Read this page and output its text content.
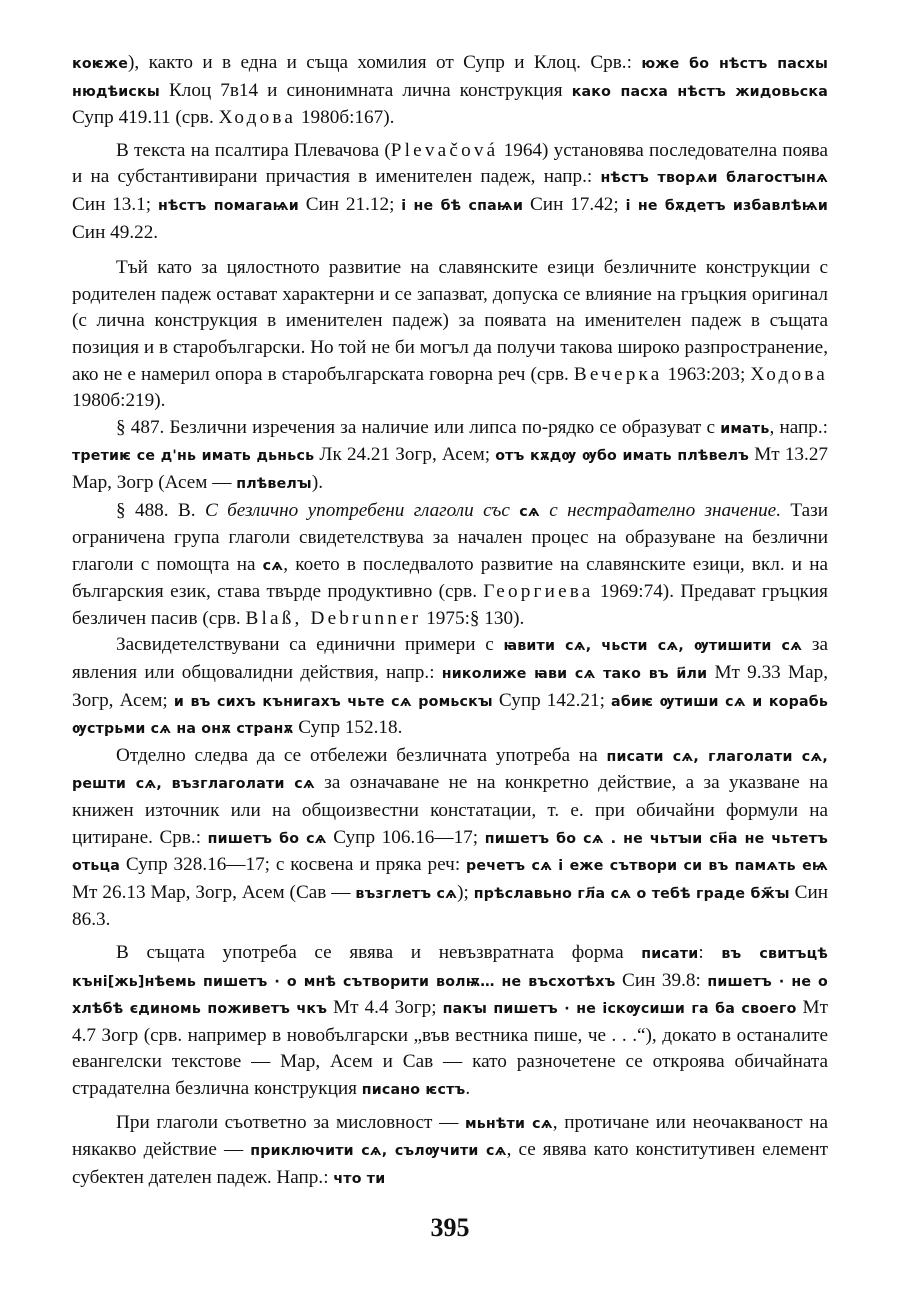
коѥже), както и в една и съща хомилия от Супр и Клоц. Срв.: юже бо нѣстъ пасхы нюдѣискы Клоц 7в14 и синонимната лична конструкция како пасха нѣстъ жидовьска Супр 419.11 (срв. Ходова 1980б:167).

В текста на псалтира Плевачова (Plevačová 1964) установява последователна поява и на субстантивирани причастия в именителен падеж, напр.: нѣстъ творѧи благостꙑнѧ Син 13.1; нѣстъ помагаѩи Син 21.12; і не бѣ спаѩи Син 17.42; і не бѫдетъ избавлѣѩи Син 49.22.

Тъй като за цялостното развитие на славянските езици безличните конструкции с родителен падеж остават характерни и се запазват, допуска се влияние на гръцкия оригинал (с лична конструкция в именителен падеж) за появата на именителен падеж в същата позиция и в старобългарски. Но той не би могъл да получи такова широко разпространение, ако не е намерил опора в старобългарската говорна реч (срв. Вечерка 1963:203; Ходова 1980б:219).

§ 487. Безлични изречения за наличие или липса по-рядко се образуват с имать, напр.: третиѥ се д'нь имать дьньсь Лк 24.21 Зогр, Асем; отъ кѫдѹ ѹбо имать плѣвелъ Мт 13.27 Мар, Зогр (Асем — плѣвелꙑ).

§ 488. В. С безлично употребени глаголи със сѧ с нестрадателно значение. Тази ограничена група глаголи свидетелствува за начален процес на образуване на безлични глаголи с помощта на сѧ, което в последвалото развитие на славянските езици, вкл. и на българския език, става твърде продуктивно (срв. Георгиева 1969:74). Предават гръцкия безличен пасив (срв. Blaß, Debrunner 1975:§ 130).

Засвидетелствувани са единични примери с ꙗвити сѧ, чьсти сѧ, ѹтишити сѧ за явления или общовалидни действия, напр.: николиже ꙗви сѧ тако въ и҃ли Мт 9.33 Мар, Зогр, Асем; и въ сихъ кънигахъ чьте сѧ ромьскꙑ Супр 142.21; абиѥ ѹтиши сѧ и корабь ѹстрьми сѧ на онѫ странѫ Супр 152.18.

Отделно следва да се отбележи безличната употреба на писати сѧ, глаголати сѧ, решти сѧ, възглаголати сѧ за означаване не на конкретно действие, а за указване на книжен източник или на общоизвестни констатации, т. е. при обичайни формули на цитиране. Срв.: пишетъ бо сѧ Супр 106.16—17; пишетъ бо сѧ . не чьтꙑи сн҃а не чьтетъ отьца Супр 328.16—17; с косвена и пряка реч: речетъ сѧ і еже сътвори си въ памѧть еѩ Мт 26.13 Мар, Зогр, Асем (Сав — възглетъ сѧ); прѣславьно гл҃а сѧ о тебѣ граде бж҃ꙑ Син 86.3.

В същата употреба се явява и невъзвратната форма писати: въ свитъцѣ кънi[жь]нѣемь пишетъ · о мнѣ сътворити волѭ… не въсхотѣхъ Син 39.8: пишетъ · не о хлѣбѣ єдиномь поживетъ чкъ Мт 4.4 Зогр; пакꙑ пишетъ · не іскѹсиши га ба своего Мт 4.7 Зогр (срв. например в новобългарски „във вестника пише, че . . .“), докато в останалите евангелски текстове — Мар, Асем и Сав — като разночетене се откроява обичайната страдателна безлична конструкция писано ѥстъ.

При глаголи съответно за мисловност — мьнѣти сѧ, протичане или неочакваност на някакво действие — приключити сѧ, сълѹчити сѧ, се явява като конститутивен елемент субектен дателен падеж. Напр.: что ти

395
